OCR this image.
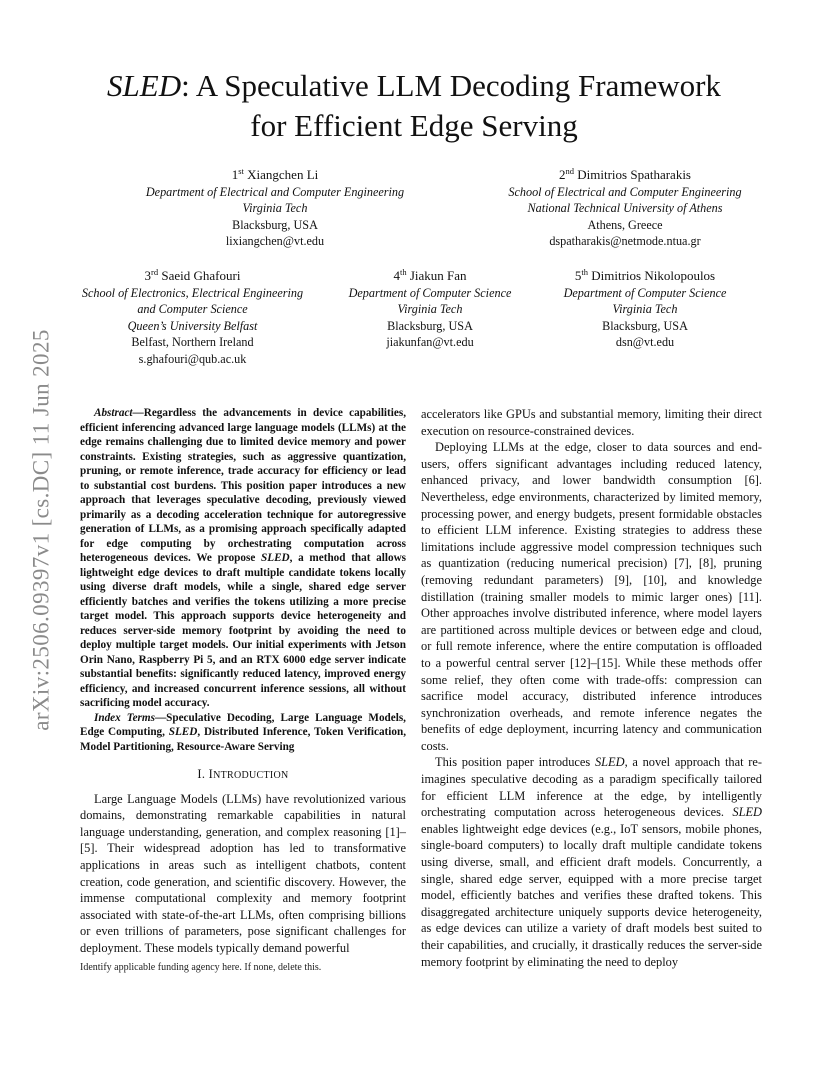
arXiv:2506.09397v1 [cs.DC] 11 Jun 2025
SLED: A Speculative LLM Decoding Framework
for Efficient Edge Serving
1st Xiangchen Li
Department of Electrical and Computer Engineering
Virginia Tech
Blacksburg, USA
lixiangchen@vt.edu
2nd Dimitrios Spatharakis
School of Electrical and Computer Engineering
National Technical University of Athens
Athens, Greece
dspatharakis@netmode.ntua.gr
3rd Saeid Ghafouri
School of Electronics, Electrical Engineering
and Computer Science
Queen’s University Belfast
Belfast, Northern Ireland
s.ghafouri@qub.ac.uk
4th Jiakun Fan
Department of Computer Science
Virginia Tech
Blacksburg, USA
jiakunfan@vt.edu
5th Dimitrios Nikolopoulos
Department of Computer Science
Virginia Tech
Blacksburg, USA
dsn@vt.edu

Abstract—Regardless the advancements in device capabilities, efficient inferencing advanced large language models (LLMs) at the edge remains challenging due to limited device memory and power constraints. Existing strategies, such as aggressive quantization, pruning, or remote inference, trade accuracy for efficiency or lead to substantial cost burdens. This position paper introduces a new approach that leverages speculative decoding, previously viewed primarily as a decoding acceleration technique for autoregressive generation of LLMs, as a promising approach specifically adapted for edge computing by orchestrating computation across heterogeneous devices. We propose SLED, a method that allows lightweight edge devices to draft multiple candidate tokens locally using diverse draft models, while a single, shared edge server efficiently batches and verifies the tokens utilizing a more precise target model. This approach supports device heterogeneity and reduces server-side memory footprint by avoiding the need to deploy multiple target models. Our initial experiments with Jetson Orin Nano, Raspberry Pi 5, and an RTX 6000 edge server indicate substantial benefits: significantly reduced latency, improved energy efficiency, and increased concurrent inference sessions, all without sacrificing model accuracy.

Index Terms—Speculative Decoding, Large Language Models, Edge Computing, SLED, Distributed Inference, Token Verification, Model Partitioning, Resource-Aware Serving

I. INTRODUCTION

Large Language Models (LLMs) have revolutionized various domains, demonstrating remarkable capabilities in natural language understanding, generation, and complex reasoning [1]–[5]. Their widespread adoption has led to transformative applications in areas such as intelligent chatbots, content creation, code generation, and scientific discovery. However, the immense computational complexity and memory footprint associated with state-of-the-art LLMs, often comprising billions or even trillions of parameters, pose significant challenges for deployment. These models typically demand powerful

Identify applicable funding agency here. If none, delete this.

accelerators like GPUs and substantial memory, limiting their direct execution on resource-constrained devices.

Deploying LLMs at the edge, closer to data sources and end-users, offers significant advantages including reduced latency, enhanced privacy, and lower bandwidth consumption [6]. Nevertheless, edge environments, characterized by limited memory, processing power, and energy budgets, present formidable obstacles to efficient LLM inference. Existing strategies to address these limitations include aggressive model compression techniques such as quantization (reducing numerical precision) [7], [8], pruning (removing redundant parameters) [9], [10], and knowledge distillation (training smaller models to mimic larger ones) [11]. Other approaches involve distributed inference, where model layers are partitioned across multiple devices or between edge and cloud, or full remote inference, where the entire computation is offloaded to a powerful central server [12]–[15]. While these methods offer some relief, they often come with trade-offs: compression can sacrifice model accuracy, distributed inference introduces synchronization overheads, and remote inference negates the benefits of edge deployment, incurring latency and communication costs.

This position paper introduces SLED, a novel approach that re-imagines speculative decoding as a paradigm specifically tailored for efficient LLM inference at the edge, by intelligently orchestrating computation across heterogeneous devices. SLED enables lightweight edge devices (e.g., IoT sensors, mobile phones, single-board computers) to locally draft multiple candidate tokens using diverse, small, and efficient draft models. Concurrently, a single, shared edge server, equipped with a more precise target model, efficiently batches and verifies these drafted tokens. This disaggregated architecture uniquely supports device heterogeneity, as edge devices can utilize a variety of draft models best suited to their capabilities, and crucially, it drastically reduces the server-side memory footprint by eliminating the need to deploy
